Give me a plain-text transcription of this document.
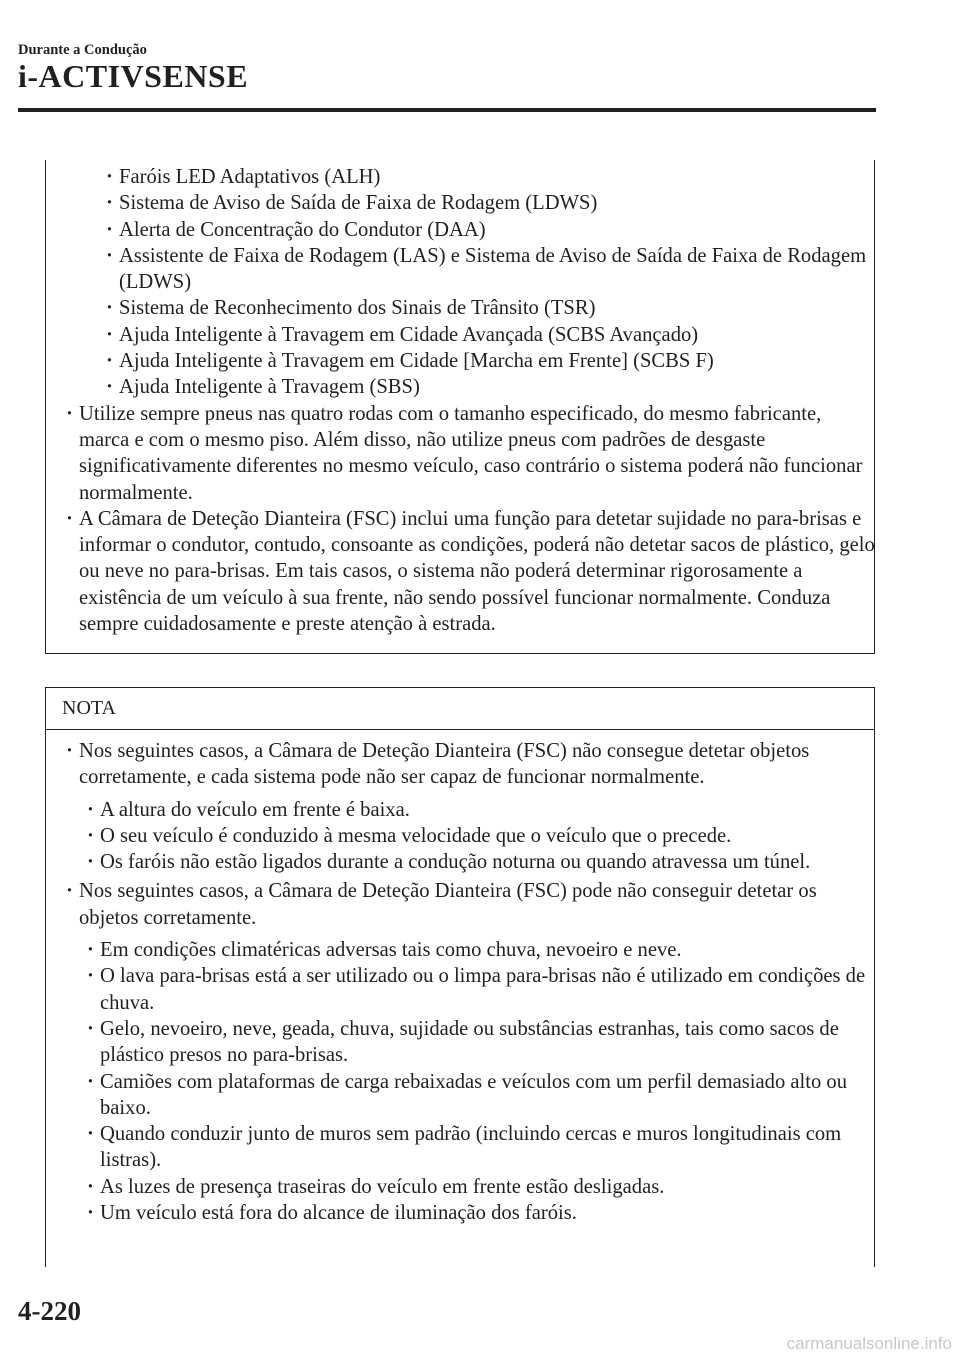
Durante a Condução
i-ACTIVSENSE
· Faróis LED Adaptativos (ALH)
· Sistema de Aviso de Saída de Faixa de Rodagem (LDWS)
· Alerta de Concentração do Condutor (DAA)
· Assistente de Faixa de Rodagem (LAS) e Sistema de Aviso de Saída de Faixa de Rodagem (LDWS)
· Sistema de Reconhecimento dos Sinais de Trânsito (TSR)
· Ajuda Inteligente à Travagem em Cidade Avançada (SCBS Avançado)
· Ajuda Inteligente à Travagem em Cidade [Marcha em Frente] (SCBS F)
· Ajuda Inteligente à Travagem (SBS)
· Utilize sempre pneus nas quatro rodas com o tamanho especificado, do mesmo fabricante, marca e com o mesmo piso. Além disso, não utilize pneus com padrões de desgaste significativamente diferentes no mesmo veículo, caso contrário o sistema poderá não funcionar normalmente.
· A Câmara de Deteção Dianteira (FSC) inclui uma função para detetar sujidade no para-brisas e informar o condutor, contudo, consoante as condições, poderá não detetar sacos de plástico, gelo ou neve no para-brisas. Em tais casos, o sistema não poderá determinar rigorosamente a existência de um veículo à sua frente, não sendo possível funcionar normalmente. Conduza sempre cuidadosamente e preste atenção à estrada.
NOTA
· Nos seguintes casos, a Câmara de Deteção Dianteira (FSC) não consegue detetar objetos corretamente, e cada sistema pode não ser capaz de funcionar normalmente.
· A altura do veículo em frente é baixa.
· O seu veículo é conduzido à mesma velocidade que o veículo que o precede.
· Os faróis não estão ligados durante a condução noturna ou quando atravessa um túnel.
· Nos seguintes casos, a Câmara de Deteção Dianteira (FSC) pode não conseguir detetar os objetos corretamente.
· Em condições climatéricas adversas tais como chuva, nevoeiro e neve.
· O lava para-brisas está a ser utilizado ou o limpa para-brisas não é utilizado em condições de chuva.
· Gelo, nevoeiro, neve, geada, chuva, sujidade ou substâncias estranhas, tais como sacos de plástico presos no para-brisas.
· Camiões com plataformas de carga rebaixadas e veículos com um perfil demasiado alto ou baixo.
· Quando conduzir junto de muros sem padrão (incluindo cercas e muros longitudinais com listras).
· As luzes de presença traseiras do veículo em frente estão desligadas.
· Um veículo está fora do alcance de iluminação dos faróis.
4-220
carmanualsonline.info
